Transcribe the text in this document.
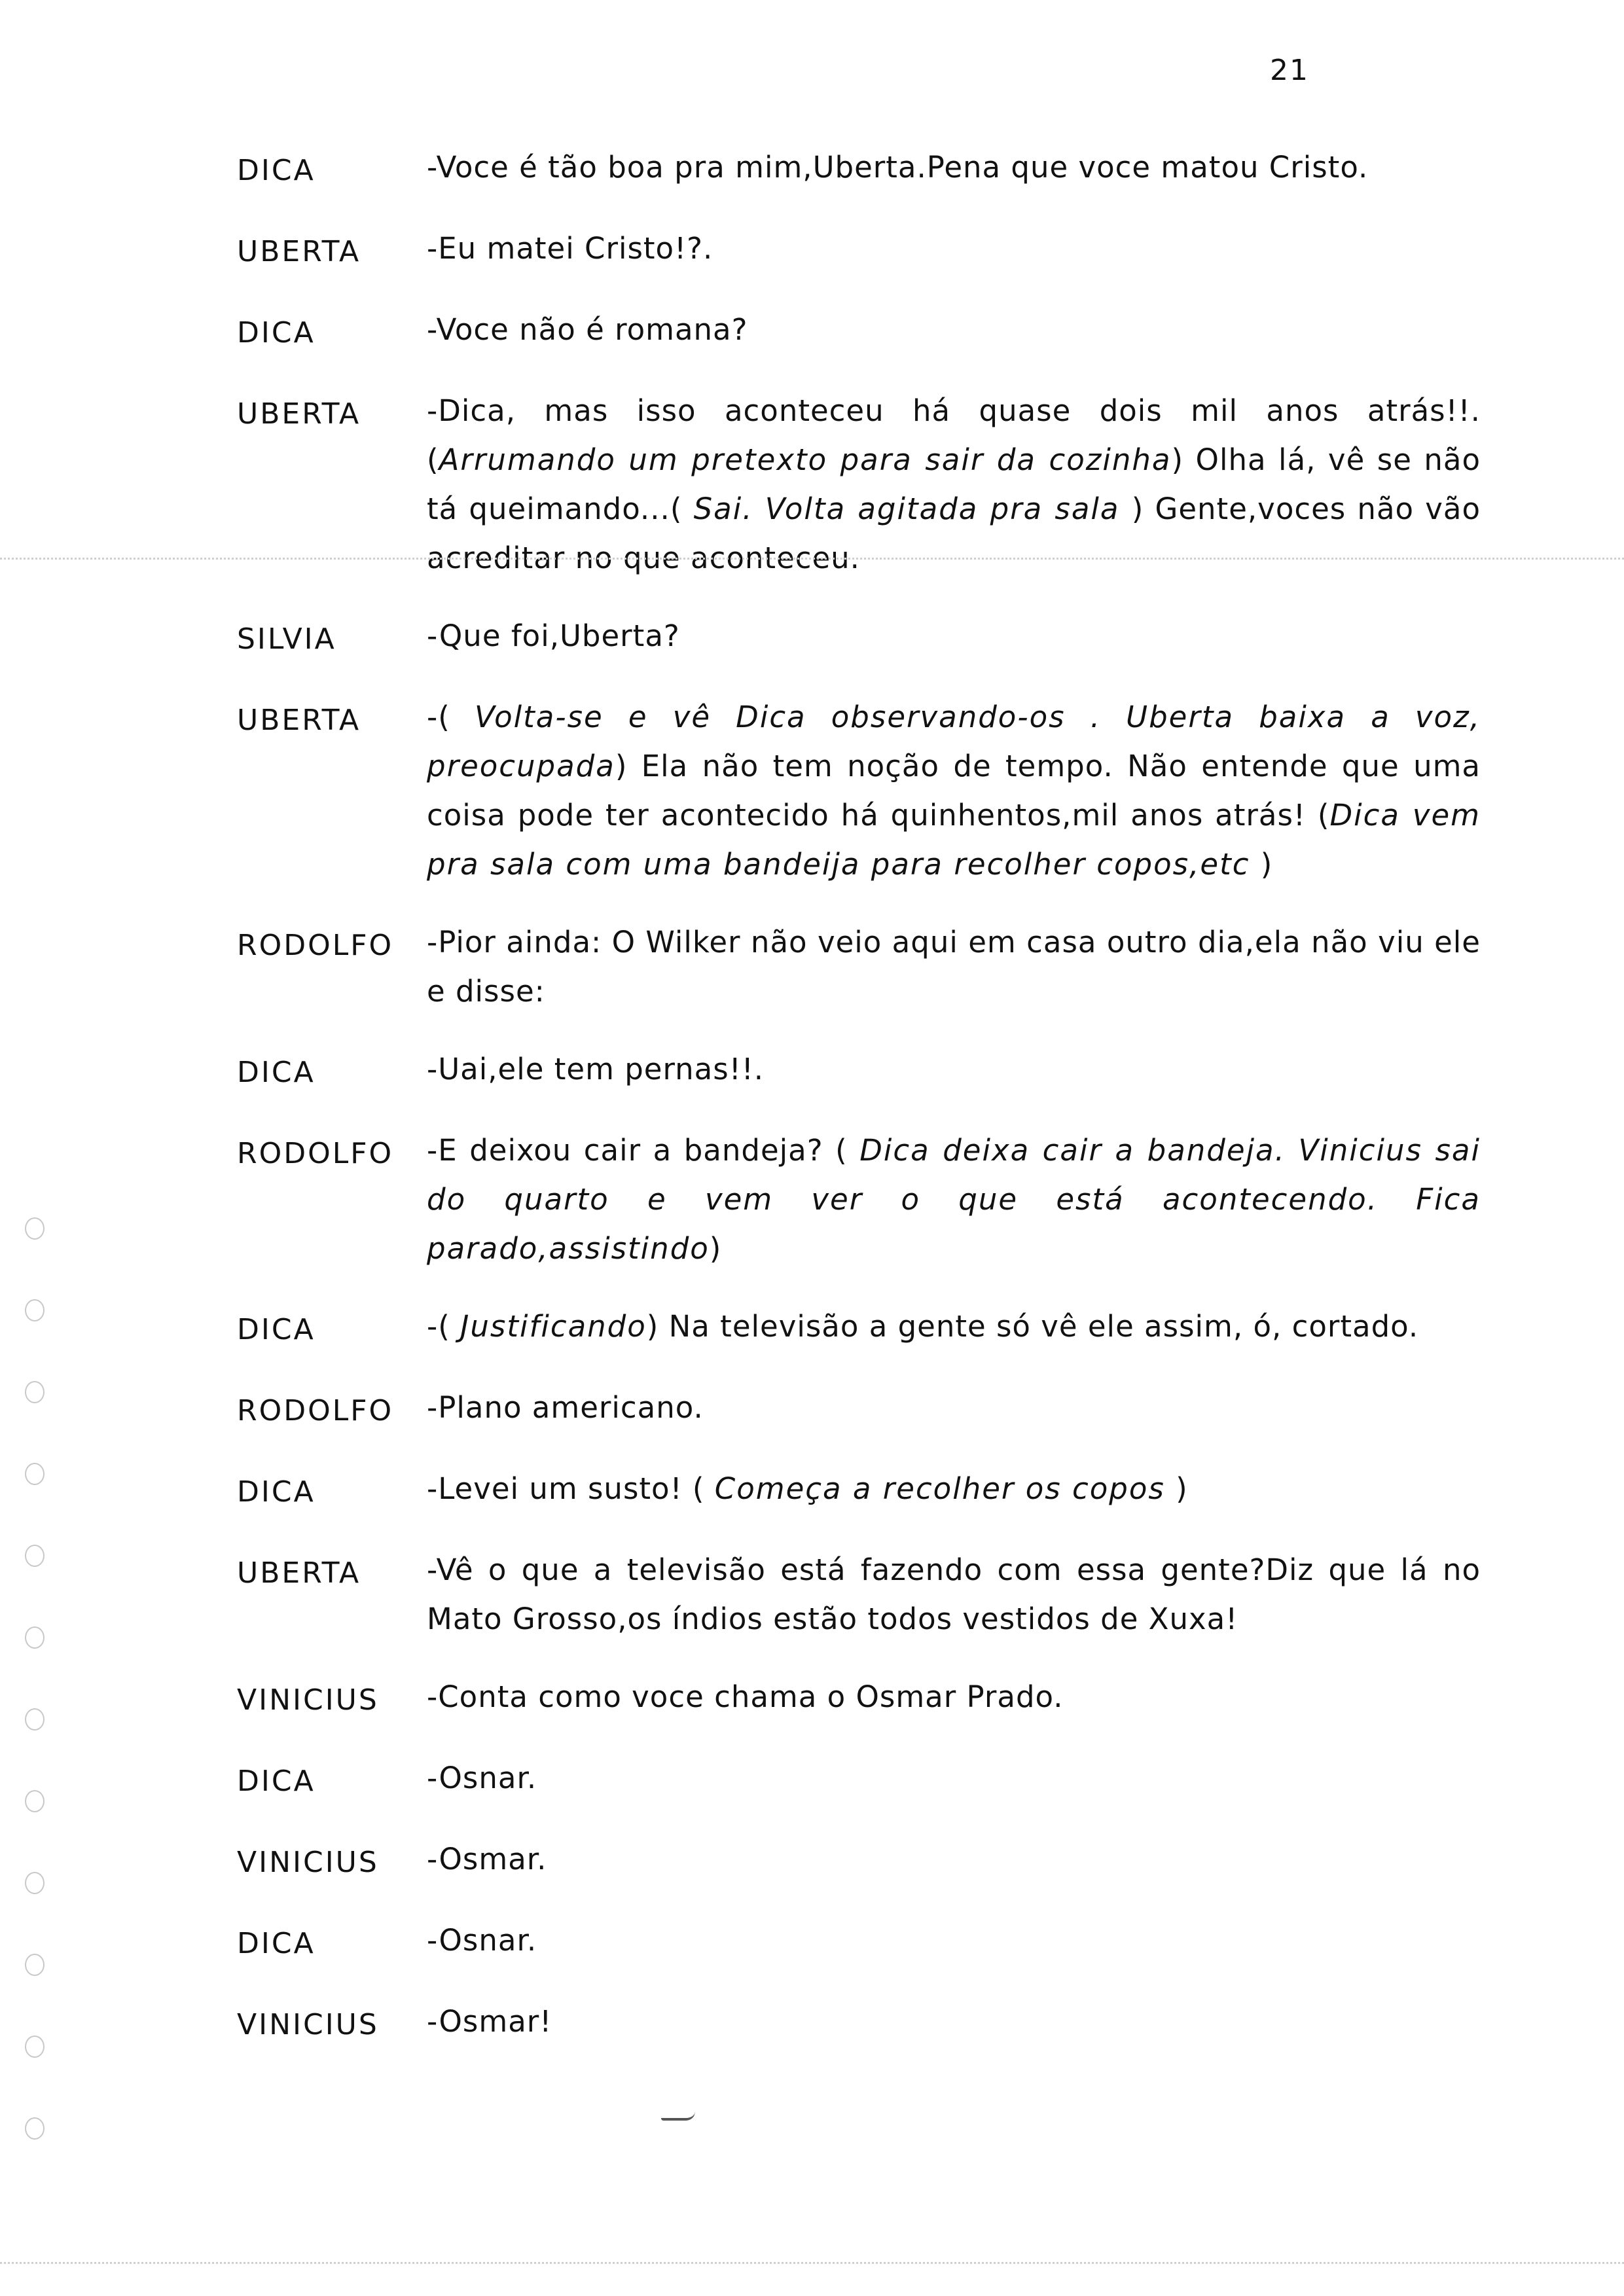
21
DICA	-Voce é tão boa pra mim,Uberta.Pena que voce matou Cristo.
UBERTA	-Eu matei Cristo!?.
DICA	-Voce não é romana?
UBERTA	-Dica, mas isso aconteceu há quase dois mil anos atrás!!. (Arrumando um pretexto para sair da cozinha) Olha lá, vê se não tá queimando...( Sai. Volta agitada pra sala ) Gente,voces não vão acreditar no que aconteceu.
SILVIA	-Que foi,Uberta?
UBERTA	-( Volta-se e vê Dica observando-os . Uberta baixa a voz, preocupada) Ela não tem noção de tempo. Não entende que uma coisa pode ter acontecido há quinhentos,mil anos atrás! (Dica vem pra sala com uma bandeija para recolher copos,etc )
RODOLFO	-Pior ainda: O Wilker não veio aqui em casa outro dia,ela não viu ele e disse:
DICA	-Uai,ele tem pernas!!.
RODOLFO	-E deixou cair a bandeja? ( Dica deixa cair a bandeja. Vinicius sai do quarto e vem ver o que está acontecendo. Fica parado,assistindo)
DICA	-( Justificando) Na televisão a gente só vê ele assim, ó, cortado.
RODOLFO	-Plano americano.
DICA	-Levei um susto! ( Começa a recolher os copos )
UBERTA	-Vê o que a televisão está fazendo com essa gente?Diz que lá no Mato Grosso,os índios estão todos vestidos de Xuxa!
VINICIUS	-Conta como voce chama o Osmar Prado.
DICA	-Osnar.
VINICIUS	-Osmar.
DICA	-Osnar.
VINICIUS	-Osmar!
